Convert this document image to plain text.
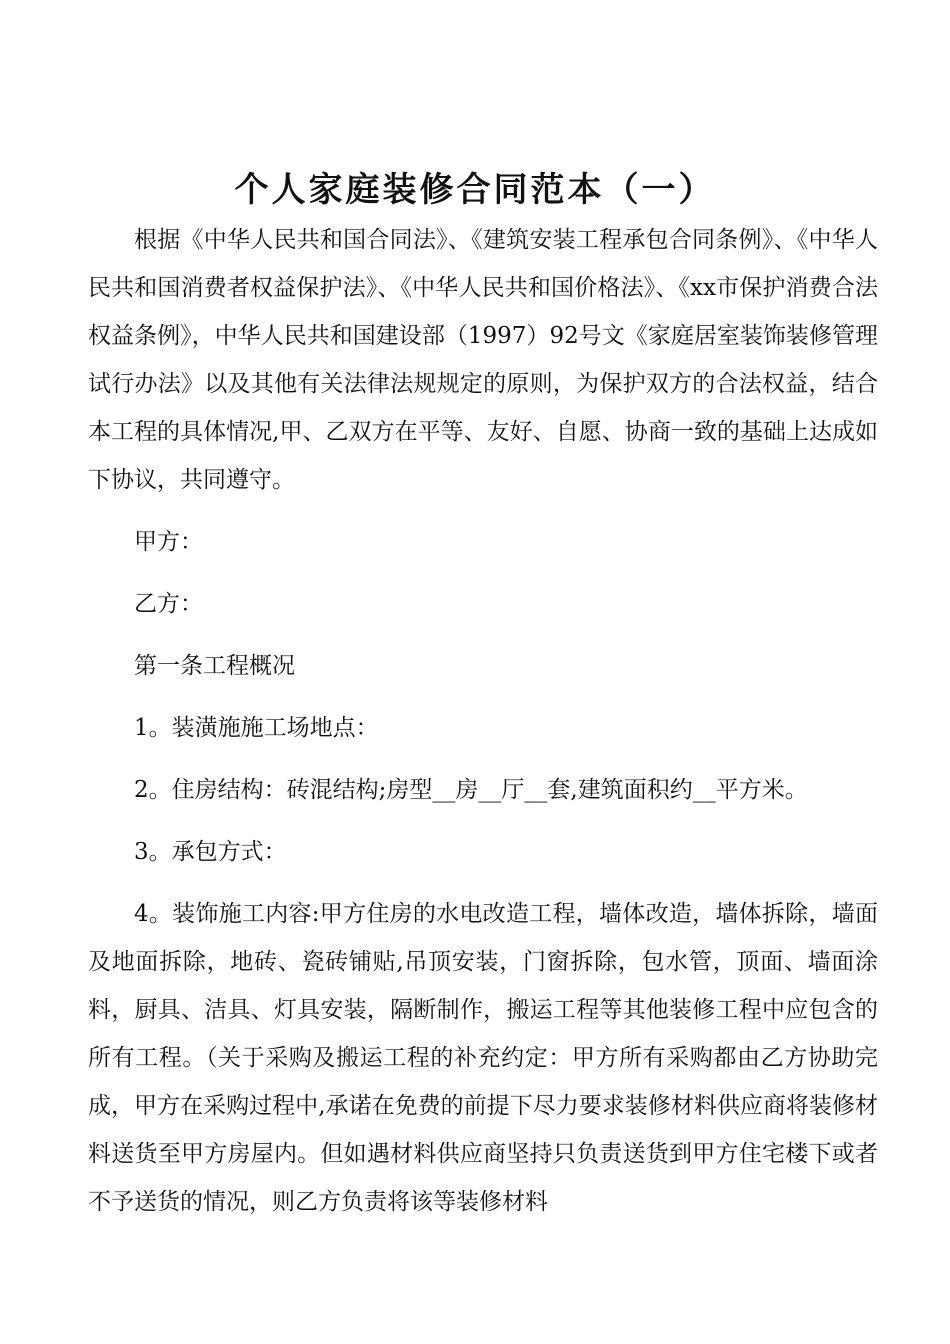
个人家庭装修合同范本（一）

根据《中华人民共和国合同法》、《建筑安装工程承包合同条例》、《中华人民共和国消费者权益保护法》、《中华人民共和国价格法》、《xx市保护消费合法权益条例》，中华人民共和国建设部（1997）92号文《家庭居室装饰装修管理试行办法》以及其他有关法律法规规定的原则，为保护双方的合法权益，结合本工程的具体情况,甲、乙双方在平等、友好、自愿、协商一致的基础上达成如下协议，共同遵守。

甲方：

乙方：

第一条工程概况

1。装潢施施工场地点：

2。住房结构：砖混结构;房型__房__厅__套,建筑面积约__平方米。

3。承包方式：

4。装饰施工内容:甲方住房的水电改造工程，墙体改造，墙体拆除，墙面及地面拆除，地砖、瓷砖铺贴,吊顶安装，门窗拆除，包水管，顶面、墙面涂料，厨具、洁具、灯具安装，隔断制作，搬运工程等其他装修工程中应包含的所有工程。（关于采购及搬运工程的补充约定：甲方所有采购都由乙方协助完成，甲方在采购过程中,承诺在免费的前提下尽力要求装修材料供应商将装修材料送货至甲方房屋内。但如遇材料供应商坚持只负责送货到甲方住宅楼下或者不予送货的情况，则乙方负责将该等装修材料
